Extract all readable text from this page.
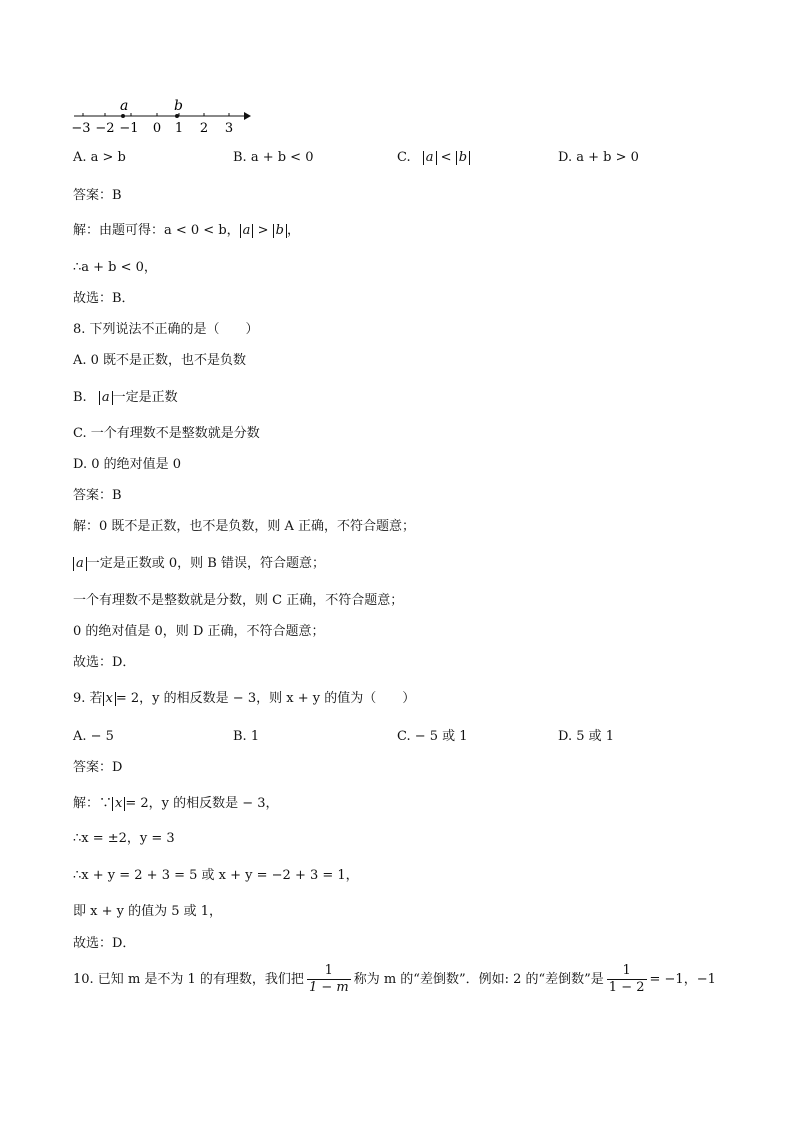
a	b
−3 −2 −1 0 1 2 3
A. a > b	B. a + b < 0	C. a < b	D. a + b > 0
答案：B
解：由题可得：a < 0 < b， a > b ，
∴a + b < 0，
故选：B．
8. 下列说法不正确的是（　　）
A. 0 既不是正数，也不是负数
B. a 一定是正数
C. 一个有理数不是整数就是分数
D. 0 的绝对值是 0
答案：B
解：0 既不是正数，也不是负数，则 A 正确，不符合题意；
a 一定是正数或 0，则 B 错误，符合题意；
一个有理数不是整数就是分数，则 C 正确，不符合题意；
0 的绝对值是 0，则 D 正确，不符合题意；
故选：D．
9. 若 x = 2，y 的相反数是 − 3，则 x + y 的值为（　　）
A. − 5	B. 1	C. − 5 或 1	D. 5 或 1
答案：D
解：∵ x = 2，y 的相反数是 − 3，
∴x = ±2，y = 3
∴x + y = 2 + 3 = 5 或 x + y = −2 + 3 = 1，
即 x + y 的值为 5 或 1，
故选：D．
10. 已知 m 是不为 1 的有理数，我们把 $\frac{1}{1 - m}$ 称为 m 的“差倒数”．例如: 2 的“差倒数”是 $\frac{1}{1 - 2} = -1$，−1
